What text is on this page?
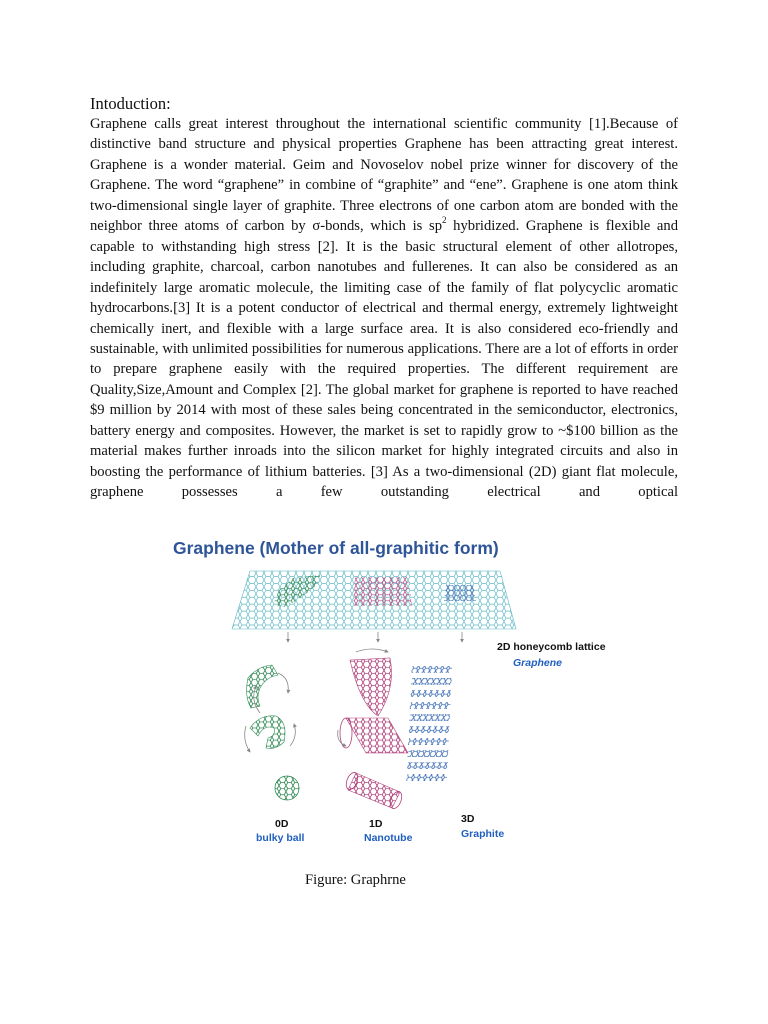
Intoduction:

Graphene calls great interest throughout the international scientific community [1].Because of distinctive band structure and physical properties Graphene has been attracting great interest. Graphene is a wonder material. Geim and Novoselov nobel prize winner for discovery of the Graphene. The word “graphene” in combine of “graphite” and “ene”. Graphene is one atom think two-dimensional single layer of graphite. Three electrons of one carbon atom are bonded with the neighbor three atoms of carbon by σ-bonds, which is $sp^2$ hybridized. Graphene is flexible and capable to withstanding high stress [2]. It is the basic structural element of other allotropes, including graphite, charcoal, carbon nanotubes and fullerenes. It can also be considered as an indefinitely large aromatic molecule, the limiting case of the family of flat polycyclic aromatic hydrocarbons.[3] It is a potent conductor of electrical and thermal energy, extremely lightweight chemically inert, and flexible with a large surface area. It is also considered eco-friendly and sustainable, with unlimited possibilities for numerous applications. There are a lot of efforts in order to prepare graphene easily with the required properties. The different requirement are Quality,Size,Amount and Complex [2]. The global market for graphene is reported to have reached $9 million by 2014 with most of these sales being concentrated in the semiconductor, electronics, battery energy and composites. However, the market is set to rapidly grow to ~$100 billion as the material makes further inroads into the silicon market for highly integrated circuits and also in boosting the performance of lithium batteries. [3] As a two-dimensional (2D) giant flat molecule, graphene possesses a few outstanding electrical and optical

Graphene (Mother of all-graphitic form)
2D honeycomb lattice
Graphene
0D
bulky ball
1D
Nanotube
3D
Graphite
Figure: Graphrne
